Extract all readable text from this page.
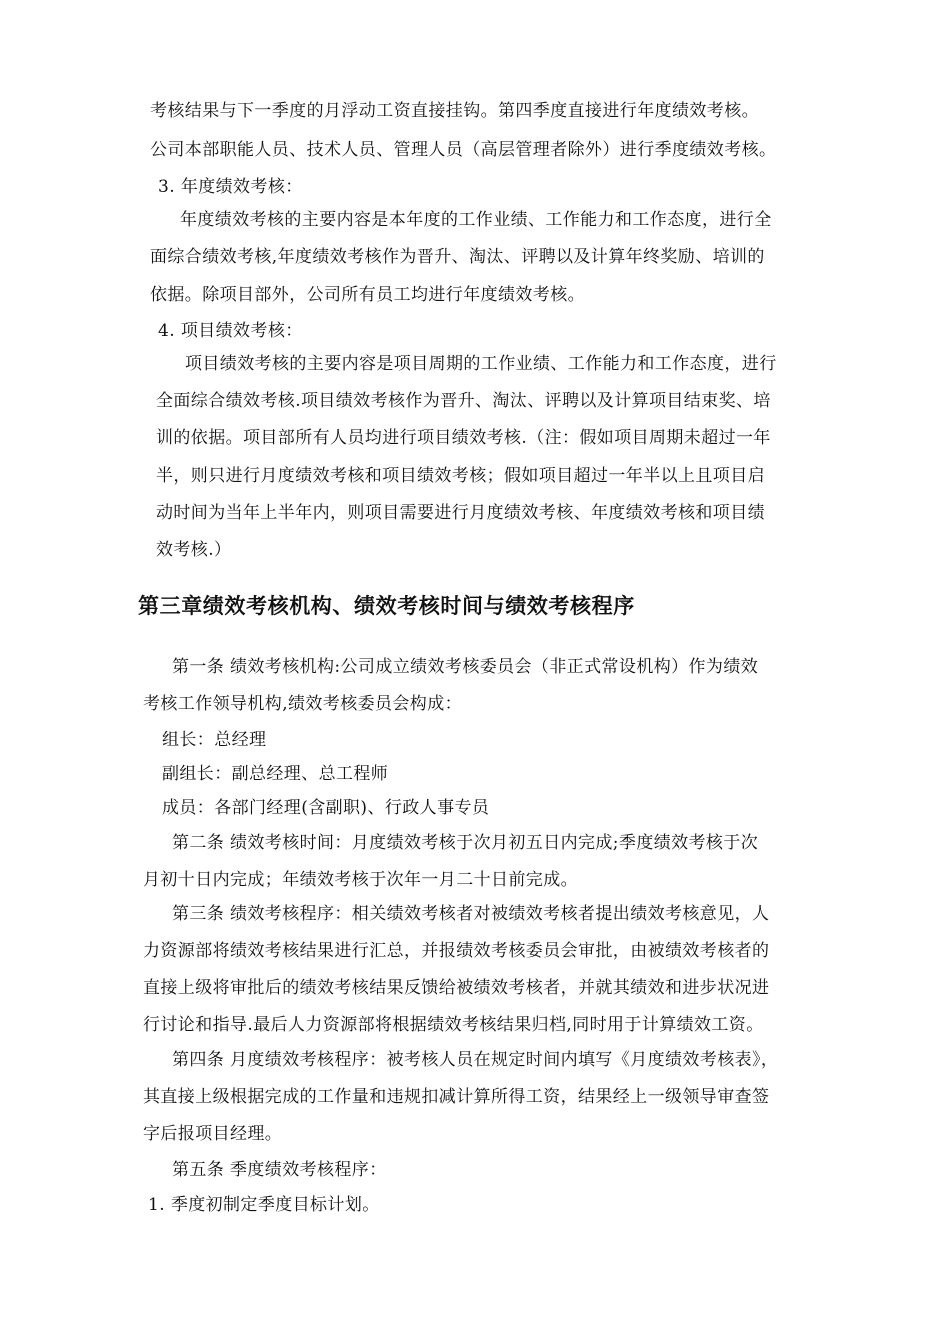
考核结果与下一季度的月浮动工资直接挂钩。第四季度直接进行年度绩效考核。
公司本部职能人员、技术人员、管理人员（高层管理者除外）进行季度绩效考核。
3. 年度绩效考核：
年度绩效考核的主要内容是本年度的工作业绩、工作能力和工作态度，进行全
面综合绩效考核,年度绩效考核作为晋升、淘汰、评聘以及计算年终奖励、培训的
依据。除项目部外，公司所有员工均进行年度绩效考核。
4. 项目绩效考核：
项目绩效考核的主要内容是项目周期的工作业绩、工作能力和工作态度，进行
全面综合绩效考核.项目绩效考核作为晋升、淘汰、评聘以及计算项目结束奖、培
训的依据。项目部所有人员均进行项目绩效考核.（注：假如项目周期未超过一年
半，则只进行月度绩效考核和项目绩效考核；假如项目超过一年半以上且项目启
动时间为当年上半年内，则项目需要进行月度绩效考核、年度绩效考核和项目绩
效考核.）
第三章绩效考核机构、绩效考核时间与绩效考核程序
第一条 绩效考核机构:公司成立绩效考核委员会（非正式常设机构）作为绩效
考核工作领导机构,绩效考核委员会构成：
组长：总经理
副组长：副总经理、总工程师
成员：各部门经理(含副职)、行政人事专员
第二条 绩效考核时间：月度绩效考核于次月初五日内完成;季度绩效考核于次
月初十日内完成；年绩效考核于次年一月二十日前完成。
第三条 绩效考核程序：相关绩效考核者对被绩效考核者提出绩效考核意见，人
力资源部将绩效考核结果进行汇总，并报绩效考核委员会审批，由被绩效考核者的
直接上级将审批后的绩效考核结果反馈给被绩效考核者，并就其绩效和进步状况进
行讨论和指导.最后人力资源部将根据绩效考核结果归档,同时用于计算绩效工资。
第四条 月度绩效考核程序：被考核人员在规定时间内填写《月度绩效考核表》，
其直接上级根据完成的工作量和违规扣减计算所得工资，结果经上一级领导审查签
字后报项目经理。
第五条 季度绩效考核程序：
1. 季度初制定季度目标计划。
